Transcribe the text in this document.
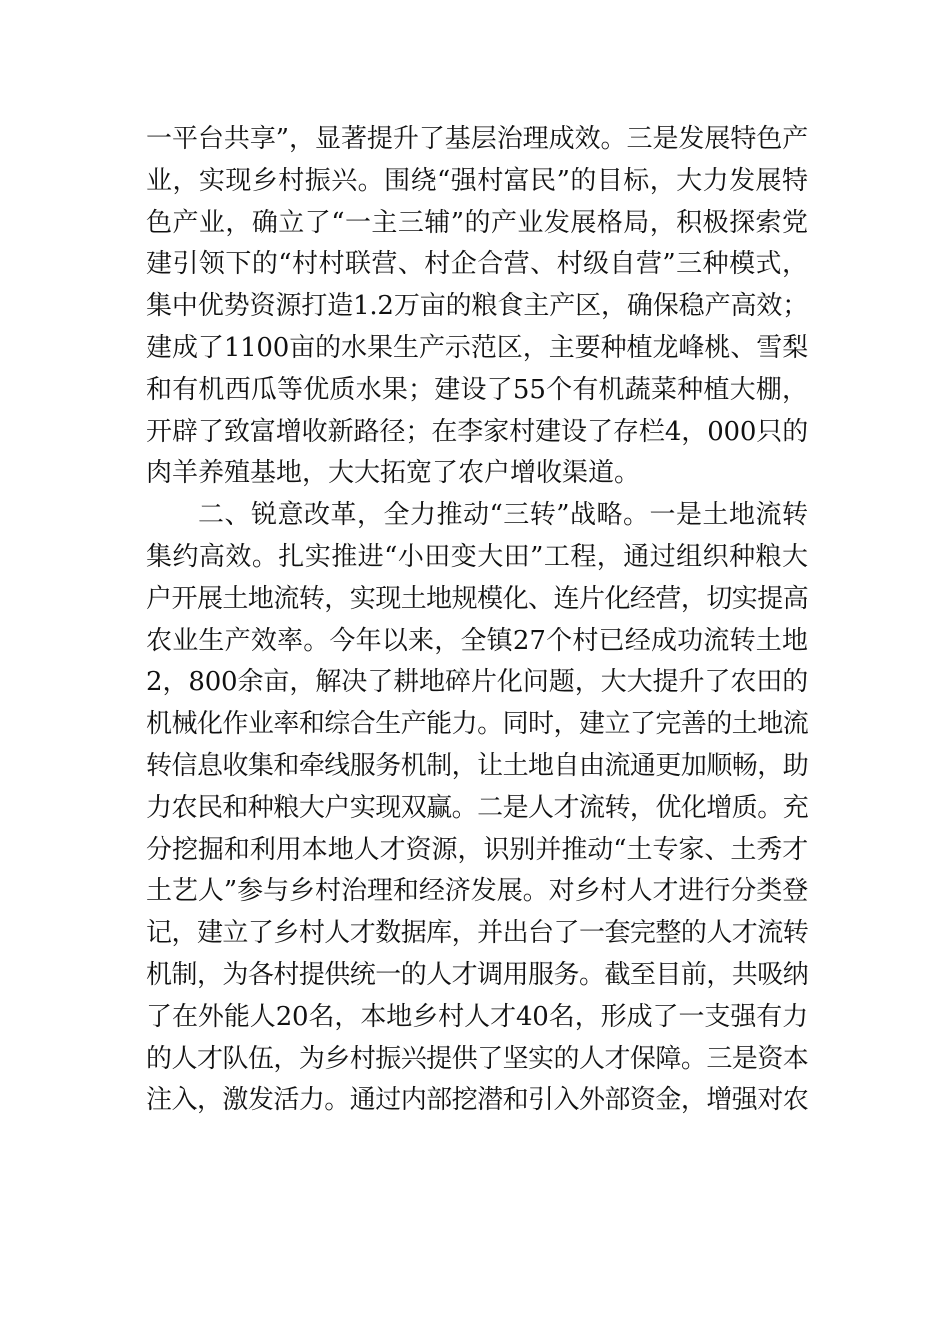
一平台共享”，显著提升了基层治理成效。三是发展特色产
业，实现乡村振兴。围绕“强村富民”的目标，大力发展特
色产业，确立了“一主三辅”的产业发展格局，积极探索党
建引领下的“村村联营、村企合营、村级自营”三种模式，
集中优势资源打造1.2万亩的粮食主产区，确保稳产高效；
建成了1100亩的水果生产示范区，主要种植龙峰桃、雪梨
和有机西瓜等优质水果；建设了55个有机蔬菜种植大棚，
开辟了致富增收新路径；在李家村建设了存栏4，000只的
肉羊养殖基地，大大拓宽了农户增收渠道。
二、锐意改革，全力推动“三转”战略。一是土地流转
集约高效。扎实推进“小田变大田”工程，通过组织种粮大
户开展土地流转，实现土地规模化、连片化经营，切实提高
农业生产效率。今年以来，全镇27个村已经成功流转土地
2，800余亩，解决了耕地碎片化问题，大大提升了农田的
机械化作业率和综合生产能力。同时，建立了完善的土地流
转信息收集和牵线服务机制，让土地自由流通更加顺畅，助
力农民和种粮大户实现双赢。二是人才流转，优化增质。充
分挖掘和利用本地人才资源，识别并推动“土专家、土秀才
土艺人”参与乡村治理和经济发展。对乡村人才进行分类登
记，建立了乡村人才数据库，并出台了一套完整的人才流转
机制，为各村提供统一的人才调用服务。截至目前，共吸纳
了在外能人20名，本地乡村人才40名，形成了一支强有力
的人才队伍，为乡村振兴提供了坚实的人才保障。三是资本
注入，激发活力。通过内部挖潜和引入外部资金，增强对农
